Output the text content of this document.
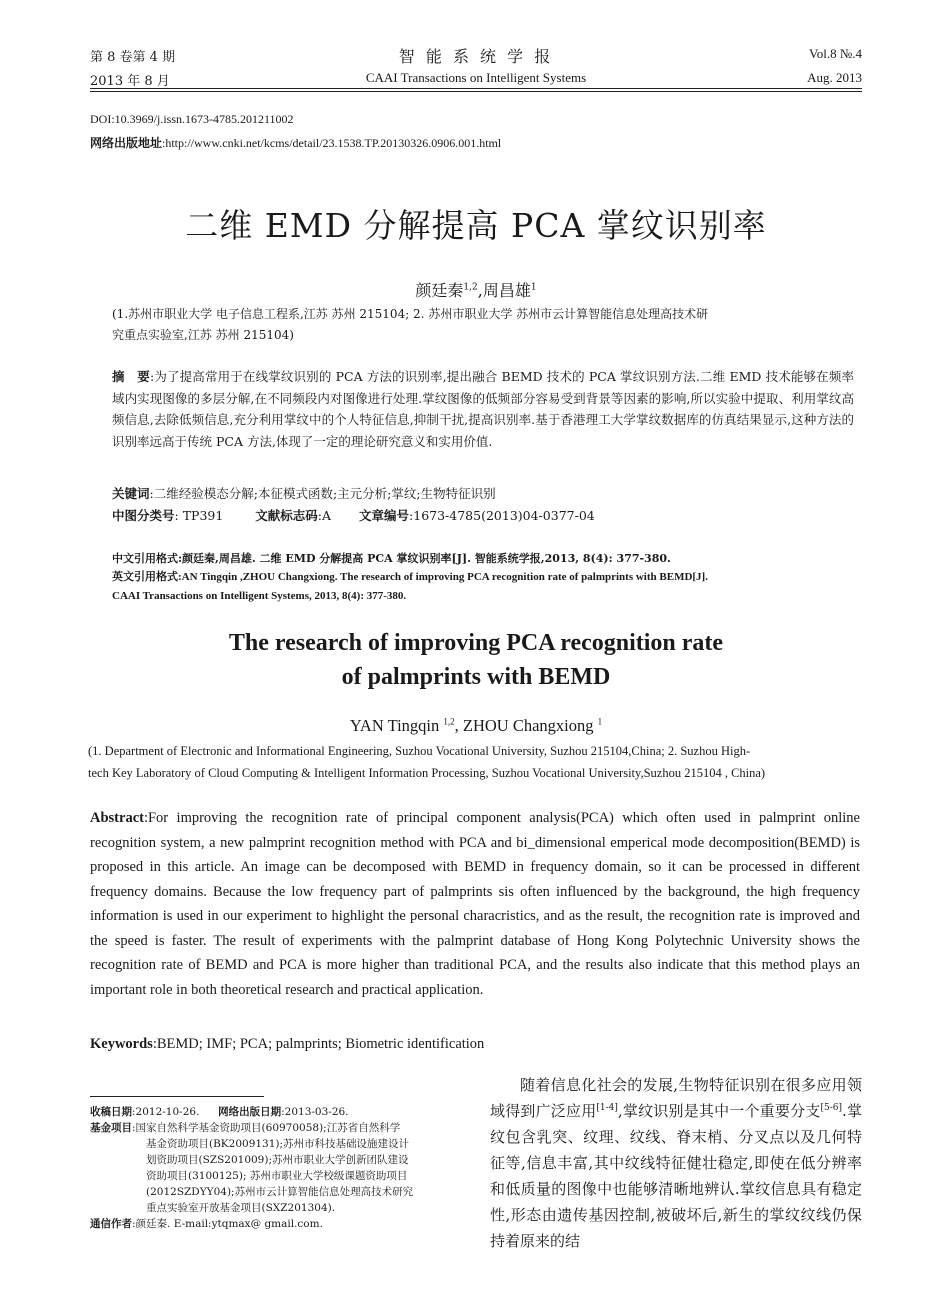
第 8 卷第 4 期
2013 年 8 月
智 能 系 统 学 报
CAAI Transactions on Intelligent Systems
Vol.8 №.4
Aug. 2013
DOI:10.3969/j.issn.1673-4785.201211002
网络出版地址:http://www.cnki.net/kcms/detail/23.1538.TP.20130326.0906.001.html
二维 EMD 分解提高 PCA 掌纹识别率
颜廷秦$^{1,2}$,周昌雄$^1$
(1.苏州市职业大学 电子信息工程系,江苏 苏州 215104; 2. 苏州市职业大学 苏州市云计算智能信息处理高技术研
究重点实验室,江苏 苏州 215104)
摘　要:为了提高常用于在线掌纹识别的 PCA 方法的识别率,提出融合 BEMD 技术的 PCA 掌纹识别方法.二维 EMD 技术能够在频率域内实现图像的多层分解,在不同频段内对图像进行处理.掌纹图像的低频部分容易受到背景等因素的影响,所以实验中提取、利用掌纹高频信息,去除低频信息,充分利用掌纹中的个人特征信息,抑制干扰,提高识别率.基于香港理工大学掌纹数据库的仿真结果显示,这种方法的识别率远高于传统 PCA 方法,体现了一定的理论研究意义和实用价值.
关键词:二维经验模态分解;本征模式函数;主元分析;掌纹;生物特征识别
中图分类号: TP391	文献标志码:A 文章编号:1673-4785(2013)04-0377-04
中文引用格式:颜廷秦,周昌雄. 二维 EMD 分解提高 PCA 掌纹识别率[J]. 智能系统学报,2013, 8(4): 377-380.
英文引用格式:AN Tingqin ,ZHOU Changxiong. The research of improving PCA recognition rate of palmprints with BEMD[J].
CAAI Transactions on Intelligent Systems, 2013, 8(4): 377-380.
The research of improving PCA recognition rate
of palmprints with BEMD
YAN Tingqin $^{1,2}$, ZHOU Changxiong $^1$
(1. Department of Electronic and Informational Engineering, Suzhou Vocational University, Suzhou 215104,China; 2. Suzhou High-
tech Key Laboratory of Cloud Computing & Intelligent Information Processing, Suzhou Vocational University,Suzhou 215104 , China)
Abstract:For improving the recognition rate of principal component analysis(PCA) which often used in palmprint online recognition system, a new palmprint recognition method with PCA and bi_dimensional emperical mode decomposition(BEMD) is proposed in this article. An image can be decomposed with BEMD in frequency domain, so it can be processed in different frequency domains. Because the low frequency part of palmprints sis often influenced by the background, the high frequency information is used in our experiment to highlight the personal characristics, and as the result, the recognition rate is improved and the speed is faster. The result of experiments with the palmprint database of Hong Kong Polytechnic University shows the recognition rate of BEMD and PCA is more higher than traditional PCA, and the results also indicate that this method plays an important role in both theoretical research and practical application.
Keywords:BEMD; IMF; PCA; palmprints; Biometric identification
收稿日期:2012-10-26. 网络出版日期:2013-03-26.
基金项目:国家自然科学基金资助项目(60970058);江苏省自然科学
基金资助项目(BK2009131);苏州市科技基础设施建设计
划资助项目(SZS201009);苏州市职业大学创新团队建设
资助项目(3100125); 苏州市职业大学校级课题资助项目
(2012SZDYY04);苏州市云计算智能信息处理高技术研究
重点实验室开放基金项目(SXZ201304).
通信作者:颜廷秦. E-mail:ytqmax@ gmail.com.
随着信息化社会的发展,生物特征识别在很多应用领域得到广泛应用[1-4],掌纹识别是其中一个重要分支[5-6].掌纹包含乳突、纹理、纹线、脊末梢、分叉点以及几何特征等,信息丰富,其中纹线特征健壮稳定,即使在低分辨率和低质量的图像中也能够清晰地辨认.掌纹信息具有稳定性,形态由遗传基因控制,被破坏后,新生的掌纹纹线仍保持着原来的结
